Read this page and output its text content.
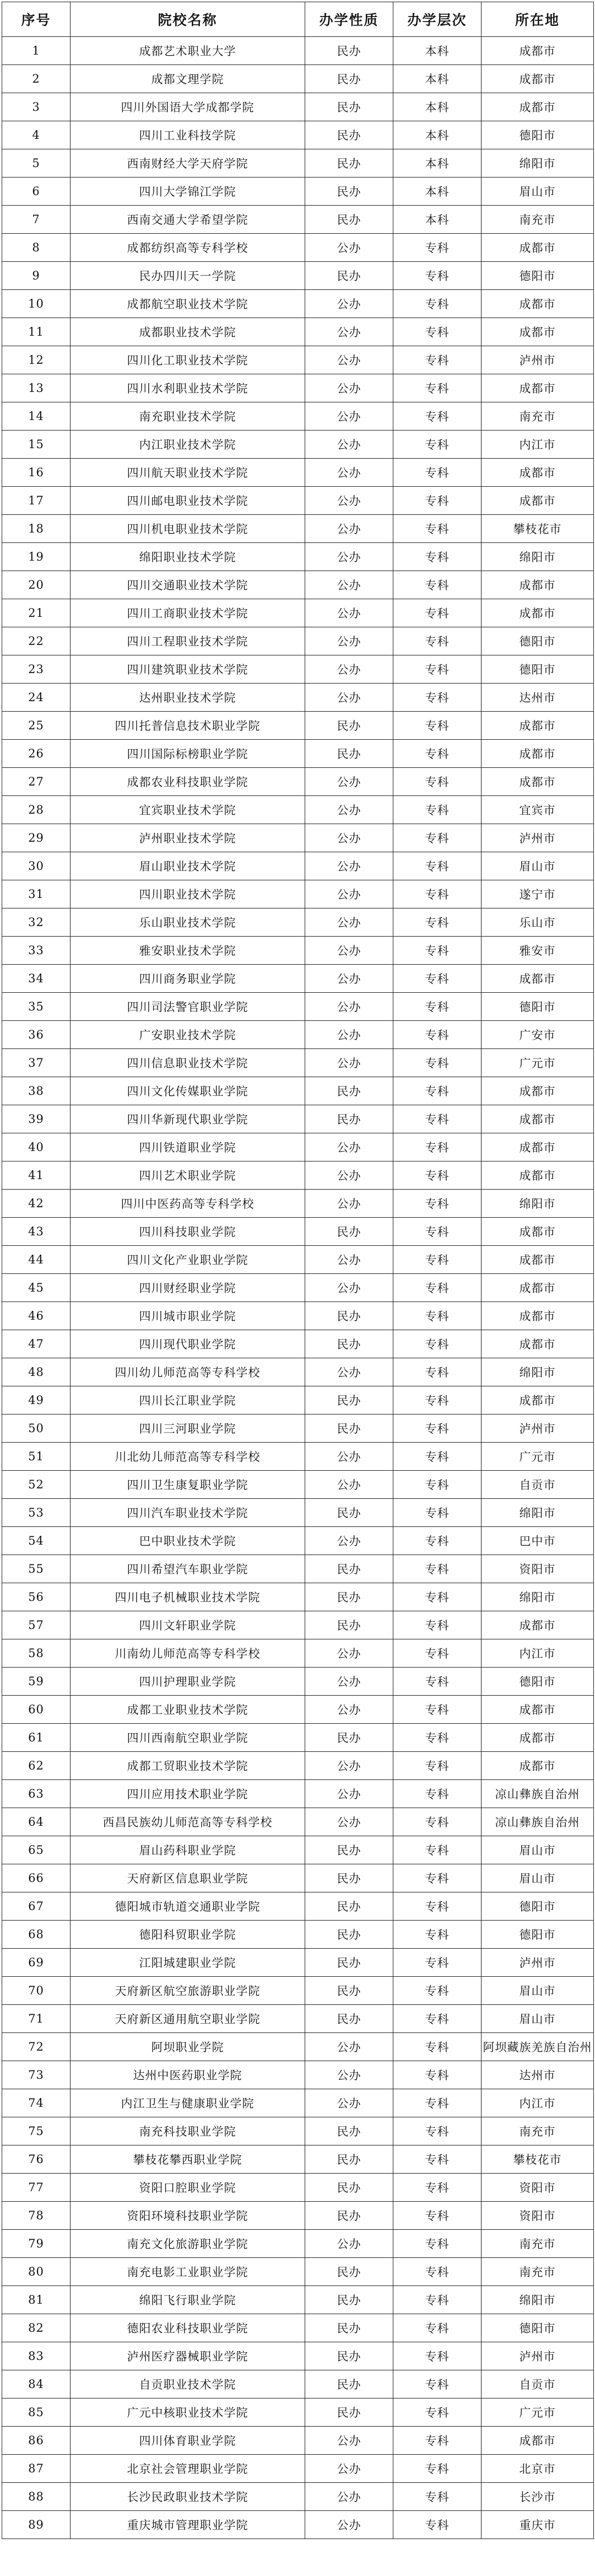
序号	院校名称	办学性质	办学层次	所在地
1	成都艺术职业大学	民办	本科	成都市
2	成都文理学院	民办	本科	成都市
3	四川外国语大学成都学院	民办	本科	成都市
4	四川工业科技学院	民办	本科	德阳市
5	西南财经大学天府学院	民办	本科	绵阳市
6	四川大学锦江学院	民办	本科	眉山市
7	西南交通大学希望学院	民办	本科	南充市
8	成都纺织高等专科学校	公办	专科	成都市
9	民办四川天一学院	民办	专科	德阳市
10	成都航空职业技术学院	公办	专科	成都市
11	成都职业技术学院	公办	专科	成都市
12	四川化工职业技术学院	公办	专科	泸州市
13	四川水利职业技术学院	公办	专科	成都市
14	南充职业技术学院	公办	专科	南充市
15	内江职业技术学院	公办	专科	内江市
16	四川航天职业技术学院	公办	专科	成都市
17	四川邮电职业技术学院	公办	专科	成都市
18	四川机电职业技术学院	公办	专科	攀枝花市
19	绵阳职业技术学院	公办	专科	绵阳市
20	四川交通职业技术学院	公办	专科	成都市
21	四川工商职业技术学院	公办	专科	成都市
22	四川工程职业技术学院	公办	专科	德阳市
23	四川建筑职业技术学院	公办	专科	德阳市
24	达州职业技术学院	公办	专科	达州市
25	四川托普信息技术职业学院	民办	专科	成都市
26	四川国际标榜职业学院	民办	专科	成都市
27	成都农业科技职业学院	公办	专科	成都市
28	宜宾职业技术学院	公办	专科	宜宾市
29	泸州职业技术学院	公办	专科	泸州市
30	眉山职业技术学院	公办	专科	眉山市
31	四川职业技术学院	公办	专科	遂宁市
32	乐山职业技术学院	公办	专科	乐山市
33	雅安职业技术学院	公办	专科	雅安市
34	四川商务职业学院	公办	专科	成都市
35	四川司法警官职业学院	公办	专科	德阳市
36	广安职业技术学院	公办	专科	广安市
37	四川信息职业技术学院	公办	专科	广元市
38	四川文化传媒职业学院	民办	专科	成都市
39	四川华新现代职业学院	民办	专科	成都市
40	四川铁道职业学院	公办	专科	成都市
41	四川艺术职业学院	公办	专科	成都市
42	四川中医药高等专科学校	公办	专科	绵阳市
43	四川科技职业学院	民办	专科	成都市
44	四川文化产业职业学院	公办	专科	成都市
45	四川财经职业学院	公办	专科	成都市
46	四川城市职业学院	民办	专科	成都市
47	四川现代职业学院	民办	专科	成都市
48	四川幼儿师范高等专科学校	公办	专科	绵阳市
49	四川长江职业学院	民办	专科	成都市
50	四川三河职业学院	民办	专科	泸州市
51	川北幼儿师范高等专科学校	公办	专科	广元市
52	四川卫生康复职业学院	公办	专科	自贡市
53	四川汽车职业技术学院	民办	专科	绵阳市
54	巴中职业技术学院	公办	专科	巴中市
55	四川希望汽车职业学院	民办	专科	资阳市
56	四川电子机械职业技术学院	民办	专科	绵阳市
57	四川文轩职业学院	民办	专科	成都市
58	川南幼儿师范高等专科学校	公办	专科	内江市
59	四川护理职业学院	公办	专科	德阳市
60	成都工业职业技术学院	公办	专科	成都市
61	四川西南航空职业学院	民办	专科	成都市
62	成都工贸职业技术学院	公办	专科	成都市
63	四川应用技术职业学院	公办	专科	凉山彝族自治州
64	西昌民族幼儿师范高等专科学校	公办	专科	凉山彝族自治州
65	眉山药科职业学院	民办	专科	眉山市
66	天府新区信息职业学院	民办	专科	眉山市
67	德阳城市轨道交通职业学院	民办	专科	德阳市
68	德阳科贸职业学院	民办	专科	德阳市
69	江阳城建职业学院	民办	专科	泸州市
70	天府新区航空旅游职业学院	民办	专科	眉山市
71	天府新区通用航空职业学院	民办	专科	眉山市
72	阿坝职业学院	公办	专科	阿坝藏族羌族自治州
73	达州中医药职业学院	公办	专科	达州市
74	内江卫生与健康职业学院	公办	专科	内江市
75	南充科技职业学院	民办	专科	南充市
76	攀枝花攀西职业学院	民办	专科	攀枝花市
77	资阳口腔职业学院	民办	专科	资阳市
78	资阳环境科技职业学院	民办	专科	资阳市
79	南充文化旅游职业学院	公办	专科	南充市
80	南充电影工业职业学院	民办	专科	南充市
81	绵阳飞行职业学院	民办	专科	绵阳市
82	德阳农业科技职业学院	民办	专科	德阳市
83	泸州医疗器械职业学院	民办	专科	泸州市
84	自贡职业技术学院	民办	专科	自贡市
85	广元中核职业技术学院	民办	专科	广元市
86	四川体育职业学院	公办	专科	成都市
87	北京社会管理职业学院	公办	专科	北京市
88	长沙民政职业技术学院	公办	专科	长沙市
89	重庆城市管理职业学院	公办	专科	重庆市
